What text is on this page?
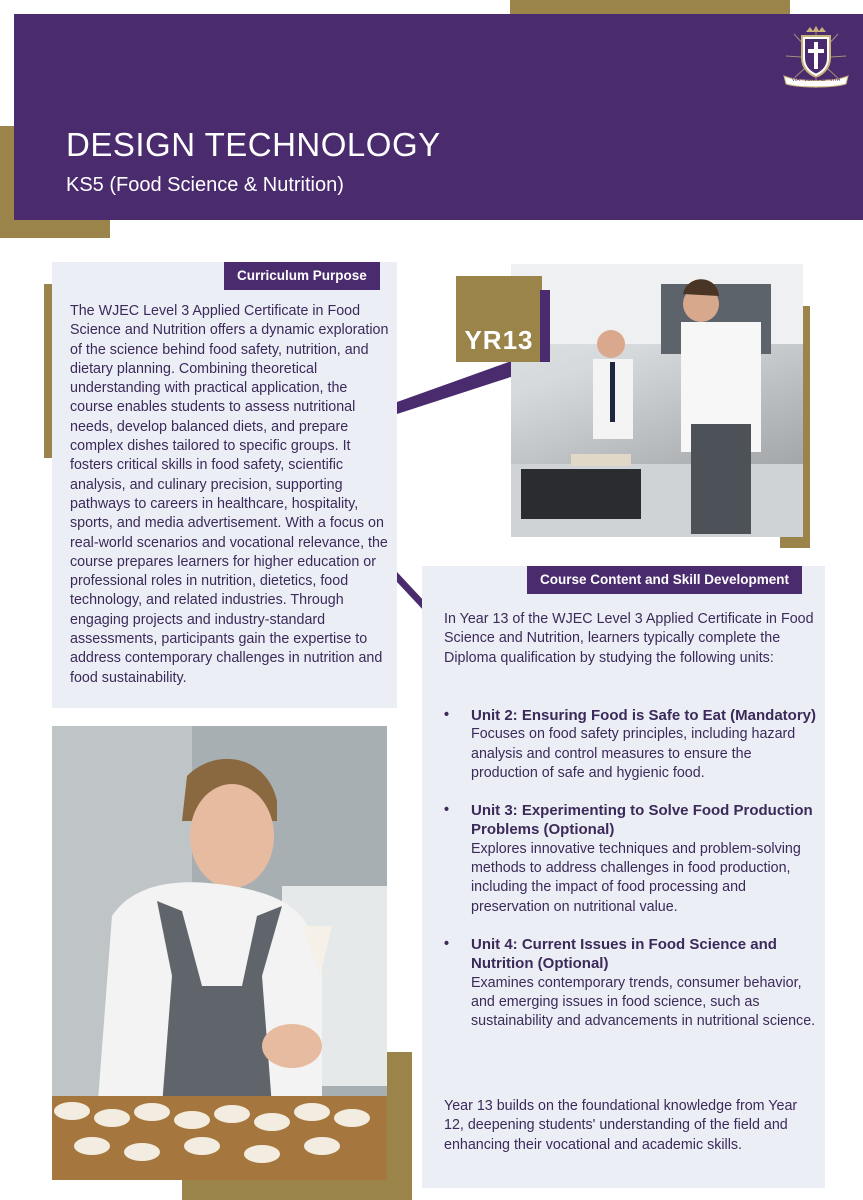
DESIGN TECHNOLOGY
KS5 (Food Science & Nutrition)
VIA · VERITAS · VITA
Curriculum Purpose
The WJEC Level 3 Applied Certificate in Food Science and Nutrition offers a dynamic exploration of the science behind food safety, nutrition, and dietary planning. Combining theoretical understanding with practical application, the course enables students to assess nutritional needs, develop balanced diets, and prepare complex dishes tailored to specific groups. It fosters critical skills in food safety, scientific analysis, and culinary precision, supporting pathways to careers in healthcare, hospitality, sports, and media advertisement. With a focus on real-world scenarios and vocational relevance, the course prepares learners for higher education or professional roles in nutrition, dietetics, food technology, and related industries. Through engaging projects and industry-standard assessments, participants gain the expertise to address contemporary challenges in nutrition and food sustainability.
YR13
Course Content and Skill Development
In Year 13 of the WJEC Level 3 Applied Certificate in Food Science and Nutrition, learners typically complete the Diploma qualification by studying the following units:
• Unit 2: Ensuring Food is Safe to Eat (Mandatory)
Focuses on food safety principles, including hazard analysis and control measures to ensure the production of safe and hygienic food.
• Unit 3: Experimenting to Solve Food Production Problems (Optional)
Explores innovative techniques and problem-solving methods to address challenges in food production, including the impact of food processing and preservation on nutritional value.
• Unit 4: Current Issues in Food Science and Nutrition (Optional)
Examines contemporary trends, consumer behavior, and emerging issues in food science, such as sustainability and advancements in nutritional science.
Year 13 builds on the foundational knowledge from Year 12, deepening students' understanding of the field and enhancing their vocational and academic skills.
